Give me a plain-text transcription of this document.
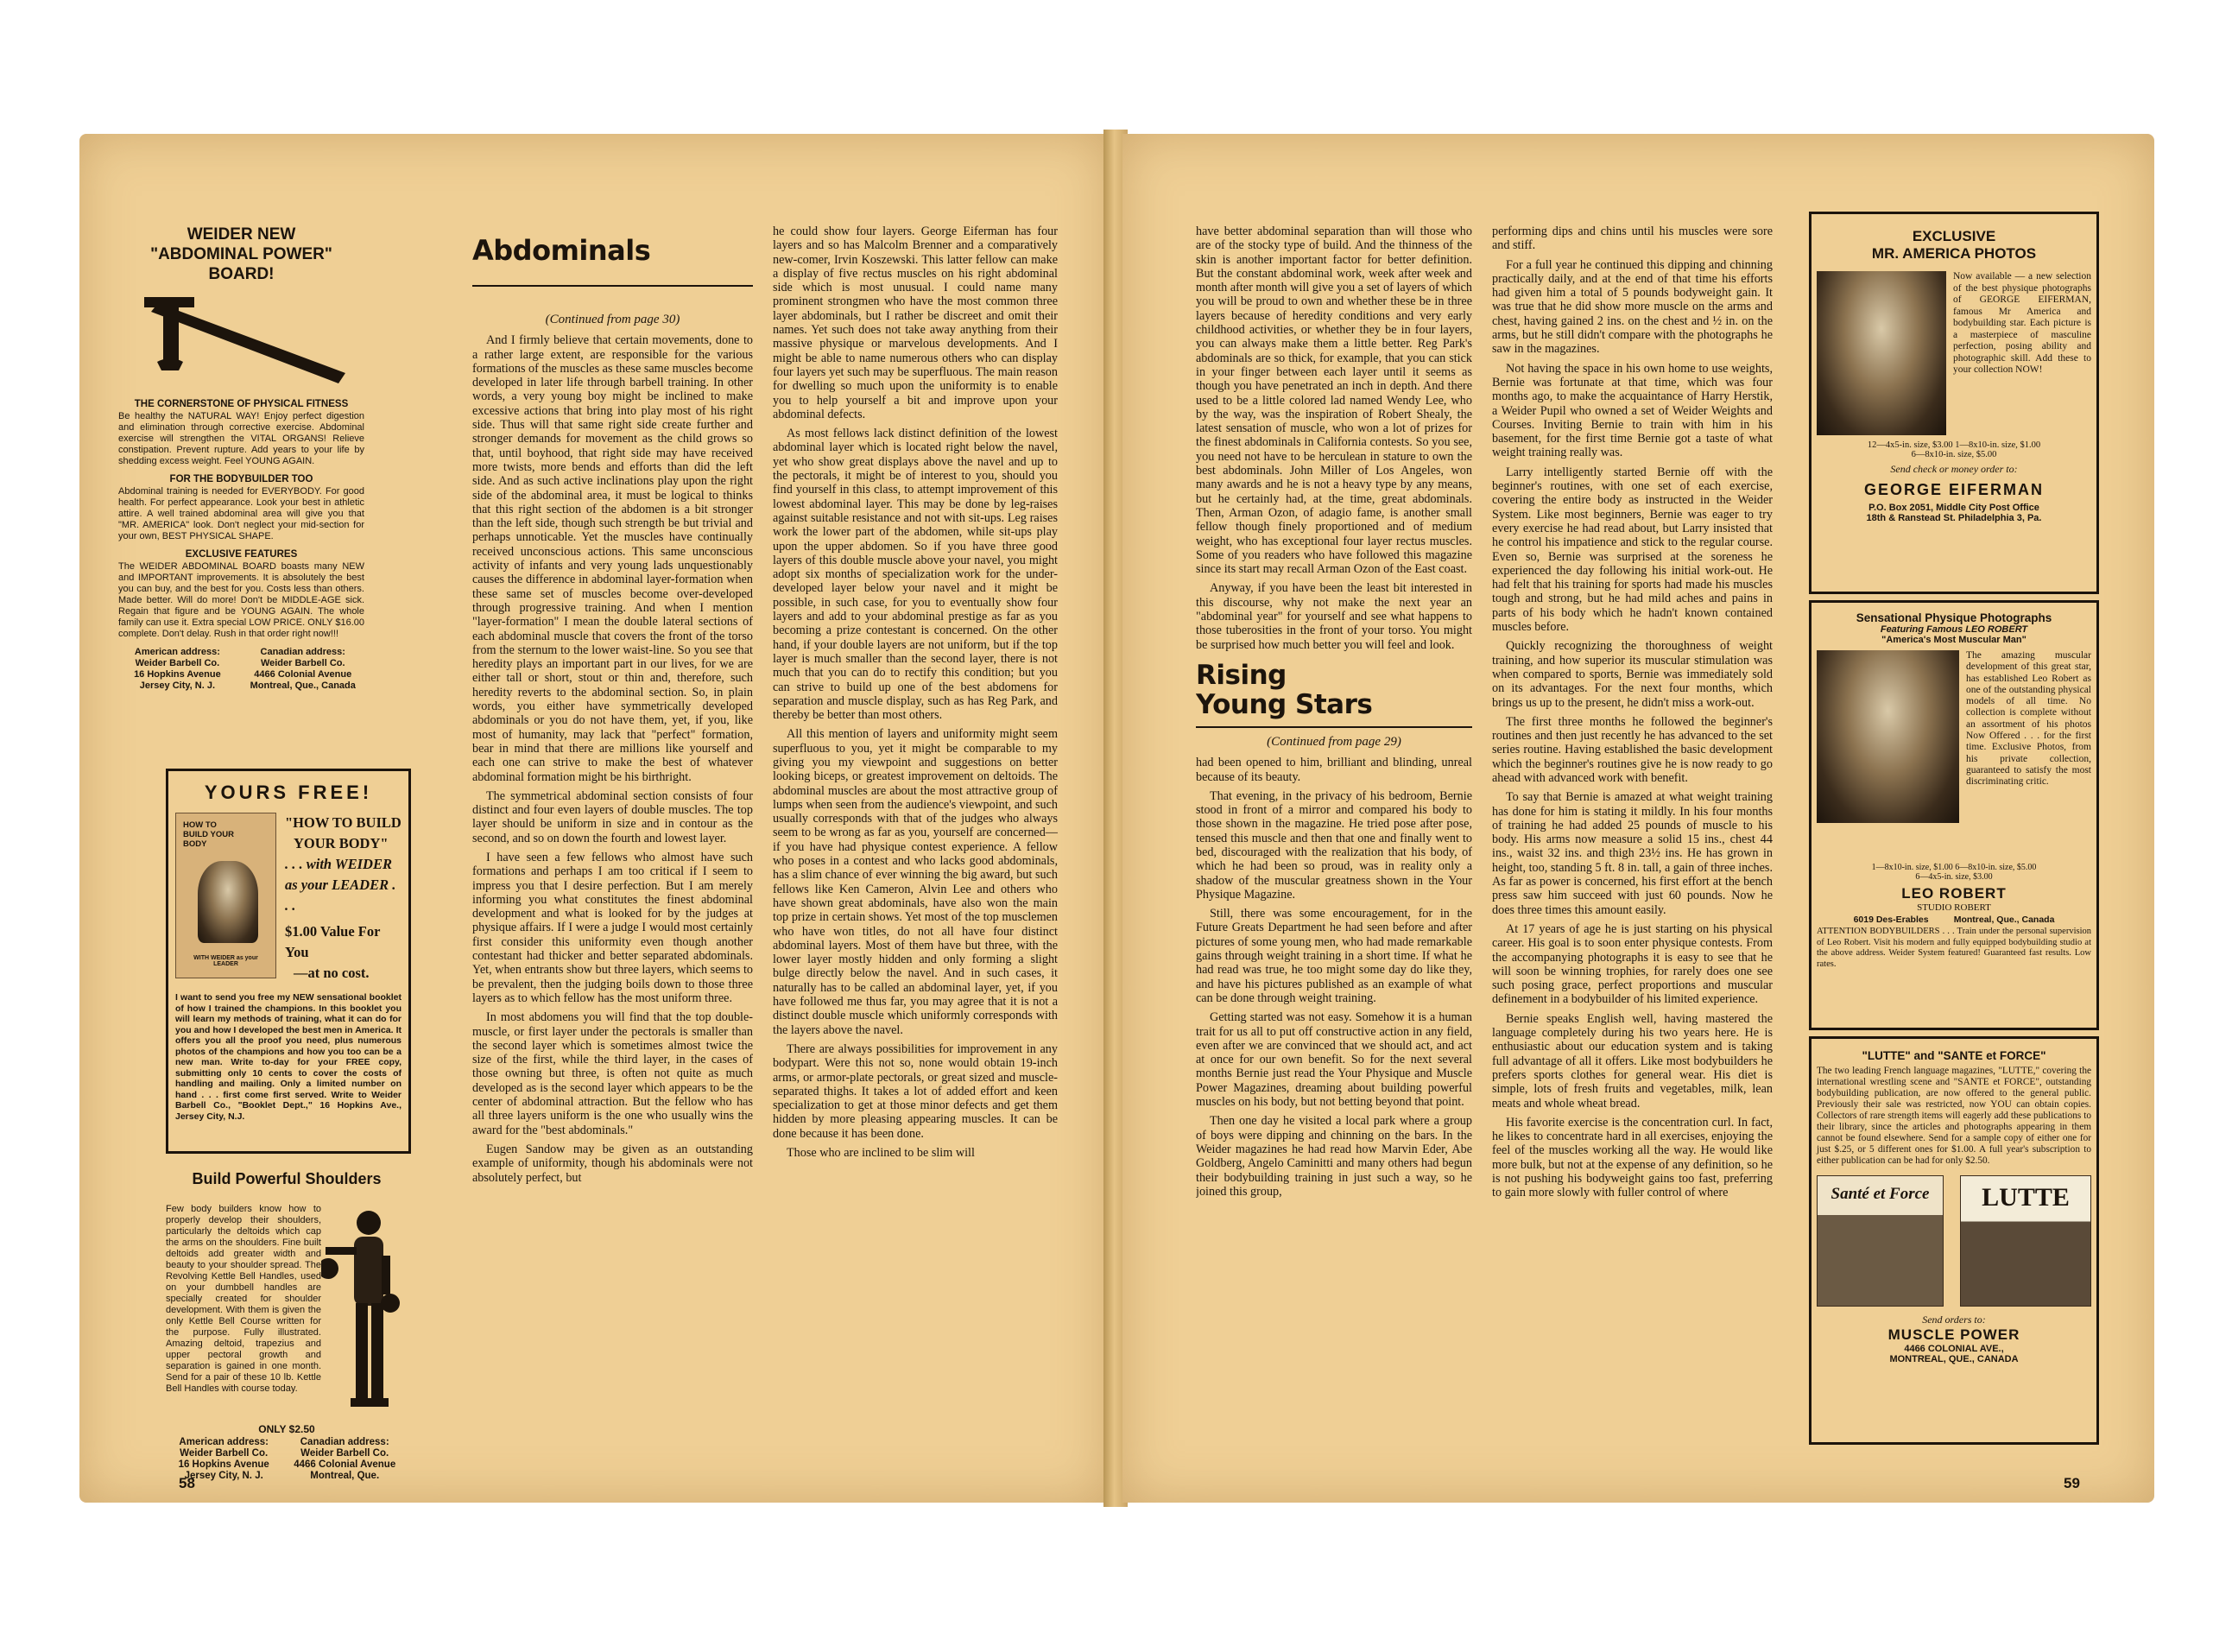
WEIDER NEW "ABDOMINAL POWER" BOARD!
THE CORNERSTONE OF PHYSICAL FITNESS
Be healthy the NATURAL WAY! Enjoy perfect digestion and elimination through corrective exercise. Abdominal exercise will strengthen the VITAL ORGANS! Relieve constipation. Prevent rupture. Add years to your life by shedding excess weight. Feel YOUNG AGAIN.
FOR THE BODYBUILDER TOO
Abdominal training is needed for EVERYBODY. For good health. For perfect appearance. Look your best in athletic attire. A well trained abdominal area will give you that "MR. AMERICA" look. Don't neglect your mid-section for your own, BEST PHYSICAL SHAPE.
EXCLUSIVE FEATURES
The WEIDER ABDOMINAL BOARD boasts many NEW and IMPORTANT improvements. It is absolutely the best you can buy, and the best for you. Costs less than others. Made better. Will do more! Don't be MIDDLE-AGE sick. Regain that figure and be YOUNG AGAIN. The whole family can use it. Extra special LOW PRICE. ONLY $16.00 complete. Don't delay. Rush in that order right now!!!
American address:
Weider Barbell Co.
16 Hopkins Avenue
Jersey City, N. J.
Canadian address:
Weider Barbell Co.
4466 Colonial Avenue
Montreal, Que., Canada
YOURS FREE!
HOW TO BUILD YOUR BODY
WITH WEIDER as your LEADER
"HOW TO BUILD
YOUR BODY"
. . . with WEIDER
as your LEADER . . .
$1.00 Value For You
—at no cost.
I want to send you free my NEW sensational booklet of how I trained the champions. In this booklet you will learn my methods of training, what it can do for you and how I developed the best men in America. It offers you all the proof you need, plus numerous photos of the champions and how you too can be a new man. Write to-day for your FREE copy, submitting only 10 cents to cover the costs of handling and mailing. Only a limited number on hand . . . first come first served. Write to Weider Barbell Co., "Booklet Dept.," 16 Hopkins Ave., Jersey City, N.J.
Build Powerful Shoulders
Few body builders know how to properly develop their shoulders, particularly the deltoids which cap the arms on the shoulders. Fine built deltoids add greater width and beauty to your shoulder spread. The Revolving Kettle Bell Handles, used on your dumbbell handles are specially created for shoulder development. With them is given the only Kettle Bell Course written for the purpose. Fully illustrated. Amazing deltoid, trapezius and upper pectoral growth and separation is gained in one month. Send for a pair of these 10 lb. Kettle Bell Handles with course today.
ONLY $2.50
American address:
Weider Barbell Co.
16 Hopkins Avenue
Jersey City, N. J.
Canadian address:
Weider Barbell Co.
4466 Colonial Avenue
Montreal, Que.
58
Abdominals
(Continued from page 30)

And I firmly believe that certain movements, done to a rather large extent, are responsible for the various formations of the muscles as these same muscles become developed in later life through barbell training. In other words, a very young boy might be inclined to make excessive actions that bring into play most of his right side. Thus will that same right side create further and stronger demands for movement as the child grows so that, until boyhood, that right side may have received more twists, more bends and efforts than did the left side. And as such active inclinations play upon the right side of the abdominal area, it must be logical to thinks that this right section of the abdomen is a bit stronger than the left side, though such strength be but trivial and perhaps unnoticable. Yet the muscles have continually received unconscious actions. This same unconscious activity of infants and very young lads unquestionably causes the difference in abdominal layer-formation when these same set of muscles become over-developed through progressive training. And when I mention "layer-formation" I mean the double lateral sections of each abdominal muscle that covers the front of the torso from the sternum to the lower waist-line. So you see that heredity plays an important part in our lives, for we are either tall or short, stout or thin and, therefore, such heredity reverts to the abdominal section. So, in plain words, you either have symmetrically developed abdominals or you do not have them, yet, if you, like most of humanity, may lack that "perfect" formation, bear in mind that there are millions like yourself and each one can strive to make the best of whatever abdominal formation might be his birthright.

The symmetrical abdominal section consists of four distinct and four even layers of double muscles. The top layer should be uniform in size and in contour as the second, and so on down the fourth and lowest layer.

I have seen a few fellows who almost have such formations and perhaps I am too critical if I seem to impress you that I desire perfection. But I am merely informing you what constitutes the finest abdominal development and what is looked for by the judges at physique affairs. If I were a judge I would most certainly first consider this uniformity even though another contestant had thicker and better separated abdominals. Yet, when entrants show but three layers, which seems to be prevalent, then the judging boils down to those three layers as to which fellow has the most uniform three.

In most abdomens you will find that the top double-muscle, or first layer under the pectorals is smaller than the second layer which is sometimes almost twice the size of the first, while the third layer, in the cases of those owning but three, is often not quite as much developed as is the second layer which appears to be the center of abdominal attraction. But the fellow who has all three layers uniform is the one who usually wins the award for the "best abdominals."

Eugen Sandow may be given as an outstanding example of uniformity, though his abdominals were not absolutely perfect, but

he could show four layers. George Eiferman has four layers and so has Malcolm Brenner and a comparatively new-comer, Irvin Koszewski. This latter fellow can make a display of five rectus muscles on his right abdominal side which is most unusual. I could name many prominent strongmen who have the most common three layer abdominals, but I rather be discreet and omit their names. Yet such does not take away anything from their massive physique or marvelous developments. And I might be able to name numerous others who can display four layers yet such may be superfluous. The main reason for dwelling so much upon the uniformity is to enable you to help yourself a bit and improve upon your abdominal defects.

As most fellows lack distinct definition of the lowest abdominal layer which is located right below the navel, yet who show great displays above the navel and up to the pectorals, it might be of interest to you, should you find yourself in this class, to attempt improvement of this lowest abdominal layer. This may be done by leg-raises against suitable resistance and not with sit-ups. Leg raises work the lower part of the abdomen, while sit-ups play upon the upper abdomen. So if you have three good layers of this double muscle above your navel, you might adopt six months of specialization work for the under-developed layer below your navel and it might be possible, in such case, for you to eventually show four layers and add to your abdominal prestige as far as you becoming a prize contestant is concerned. On the other hand, if your double layers are not uniform, but if the top layer is much smaller than the second layer, there is not much that you can do to rectify this condition; but you can strive to build up one of the best abdomens for separation and muscle display, such as has Reg Park, and thereby be better than most others.

All this mention of layers and uniformity might seem superfluous to you, yet it might be comparable to my giving you my viewpoint and suggestions on better looking biceps, or greatest improvement on deltoids. The abdominal muscles are about the most attractive group of lumps when seen from the audience's viewpoint, and such usually corresponds with that of the judges who always seem to be wrong as far as you, yourself are concerned—if you have had physique contest experience. A fellow who poses in a contest and who lacks good abdominals, has a slim chance of ever winning the big award, but such fellows like Ken Cameron, Alvin Lee and others who have shown great abdominals, have also won the main top prize in certain shows. Yet most of the top musclemen who have won titles, do not all have four distinct abdominal layers. Most of them have but three, with the lower layer mostly hidden and only forming a slight bulge directly below the navel. And in such cases, it naturally has to be called an abdominal layer, yet, if you have followed me thus far, you may agree that it is not a distinct double muscle which uniformly corresponds with the layers above the navel.

There are always possibilities for improvement in any bodypart. Were this not so, none would obtain 19-inch arms, or armor-plate pectorals, or great sized and muscle-separated thighs. It takes a lot of added effort and keen specialization to get at those minor defects and get them hidden by more pleasing appearing muscles. It can be done because it has been done.

Those who are inclined to be slim will

have better abdominal separation than will those who are of the stocky type of build. And the thinness of the skin is another important factor for better definition. But the constant abdominal work, week after week and month after month will give you a set of layers of which you will be proud to own and whether these be in three layers because of heredity conditions and very early childhood activities, or whether they be in four layers, you can always make them a little better. Reg Park's abdominals are so thick, for example, that you can stick in your finger between each layer until it seems as though you have penetrated an inch in depth. And there used to be a little colored lad named Wendy Lee, who by the way, was the inspiration of Robert Shealy, the latest sensation of muscle, who won a lot of prizes for the finest abdominals in California contests. So you see, you need not have to be herculean in stature to own the best abdominals. John Miller of Los Angeles, won many awards and he is not a heavy type by any means, but he certainly had, at the time, great abdominals. Then, Arman Ozon, of adagio fame, is another small fellow though finely proportioned and of medium weight, who has exceptional four layer rectus muscles. Some of you readers who have followed this magazine since its start may recall Arman Ozon of the East coast.

Anyway, if you have been the least bit interested in this discourse, why not make the next year an "abdominal year" for yourself and see what happens to those tuberosities in the front of your torso. You might be surprised how much better you will feel and look.

Rising
Young Stars
(Continued from page 29)

had been opened to him, brilliant and blinding, unreal because of its beauty.

That evening, in the privacy of his bedroom, Bernie stood in front of a mirror and compared his body to those shown in the magazine. He tried pose after pose, tensed this muscle and then that one and finally went to bed, discouraged with the realization that his body, of which he had been so proud, was in reality only a shadow of the muscular greatness shown in the Your Physique Magazine.

Still, there was some encouragement, for in the Future Greats Department he had seen before and after pictures of some young men, who had made remarkable gains through weight training in a short time. If what he had read was true, he too might some day do like they, and have his pictures published as an example of what can be done through weight training.

Getting started was not easy. Somehow it is a human trait for us all to put off constructive action in any field, even after we are convinced that we should act, and act at once for our own benefit. So for the next several months Bernie just read the Your Physique and Muscle Power Magazines, dreaming about building powerful muscles on his body, but not betting beyond that point.

Then one day he visited a local park where a group of boys were dipping and chinning on the bars. In the Weider magazines he had read how Marvin Eder, Abe Goldberg, Angelo Caminitti and many others had begun their bodybuilding training in just such a way, so he joined this group,

performing dips and chins until his muscles were sore and stiff.

For a full year he continued this dipping and chinning practically daily, and at the end of that time his efforts had given him a total of 5 pounds bodyweight gain. It was true that he did show more muscle on the arms and chest, having gained 2 ins. on the chest and ½ in. on the arms, but he still didn't compare with the photographs he saw in the magazines.

Not having the space in his own home to use weights, Bernie was fortunate at that time, which was four months ago, to make the acquaintance of Harry Herstik, a Weider Pupil who owned a set of Weider Weights and Courses. Inviting Bernie to train with him in his basement, for the first time Bernie got a taste of what weight training really was.

Larry intelligently started Bernie off with the beginner's routines, with one set of each exercise, covering the entire body as instructed in the Weider System. Like most beginners, Bernie was eager to try every exercise he had read about, but Larry insisted that he control his impatience and stick to the regular course. Even so, Bernie was surprised at the soreness he experienced the day following his initial work-out. He had felt that his training for sports had made his muscles tough and strong, but he had mild aches and pains in parts of his body which he hadn't known contained muscles before.

Quickly recognizing the thoroughness of weight training, and how superior its muscular stimulation was when compared to sports, Bernie was immediately sold on its advantages. For the next four months, which brings us up to the present, he didn't miss a work-out.

The first three months he followed the beginner's routines and then just recently he has advanced to the set series routine. Having established the basic development which the beginner's routines give he is now ready to go ahead with advanced work with benefit.

To say that Bernie is amazed at what weight training has done for him is stating it mildly. In his four months of training he had added 25 pounds of muscle to his body. His arms now measure a solid 15 ins., chest 44 ins., waist 32 ins. and thigh 23½ ins. He has grown in height, too, standing 5 ft. 8 in. tall, a gain of three inches. As far as power is concerned, his first effort at the bench press saw him succeed with just 60 pounds. Now he does three times this amount easily.

At 17 years of age he is just starting on his physical career. His goal is to soon enter physique contests. From the accompanying photographs it is easy to see that he will soon be winning trophies, for rarely does one see such posing grace, perfect proportions and muscular definement in a bodybuilder of his limited experience.

Bernie speaks English well, having mastered the language completely during his two years here. He is enthusiastic about our education system and is taking full advantage of all it offers. Like most bodybuilders he prefers sports clothes for general wear. His diet is simple, lots of fresh fruits and vegetables, milk, lean meats and whole wheat bread.

His favorite exercise is the concentration curl. In fact, he likes to concentrate hard in all exercises, enjoying the feel of the muscles working all the way. He would like more bulk, but not at the expense of any definition, so he is not pushing his bodyweight gains too fast, preferring to gain more slowly with fuller control of where

EXCLUSIVE
MR. AMERICA PHOTOS
Now available — a new selection of the best physique photographs of GEORGE EIFERMAN, famous Mr America and bodybuilding star. Each picture is a masterpiece of masculine perfection, posing ability and photographic skill. Add these to your collection NOW!
12—4x5-in. size, $3.00 1—8x10-in. size, $1.00
6—8x10-in. size, $5.00
Send check or money order to:
GEORGE EIFERMAN
P.O. Box 2051, Middle City Post Office
18th & Ranstead St. Philadelphia 3, Pa.
Sensational Physique Photographs
Featuring Famous LEO ROBERT
"America's Most Muscular Man"
The amazing muscular development of this great star, has established Leo Robert as one of the outstanding physical models of all time. No collection is complete without an assortment of his photos Now Offered . . . for the first time. Exclusive Photos, from his private collection, guaranteed to satisfy the most discriminating critic.
1—8x10-in. size, $1.00 6—8x10-in. size, $5.00
6—4x5-in. size, $3.00
LEO ROBERT
STUDIO ROBERT
6019 Des-Erables          Montreal, Que., Canada
ATTENTION BODYBUILDERS . . . Train under the personal supervision of Leo Robert. Visit his modern and fully equipped bodybuilding studio at the above address. Weider System featured! Guaranteed fast results. Low rates.
"LUTTE" and "SANTE et FORCE"
The two leading French language magazines, "LUTTE," covering the international wrestling scene and "SANTE et FORCE", outstanding bodybuilding publication, are now offered to the general public. Previously their sale was restricted, now YOU can obtain copies. Collectors of rare strength items will eagerly add these publications to their library, since the articles and photographs appearing in them cannot be found elsewhere. Send for a sample copy of either one for just $.25, or 5 different ones for $1.00. A full year's subscription to either publication can be had for only $2.50.
Santé et Force	LUTTE
Send orders to:
MUSCLE POWER
4466 COLONIAL AVE.,
MONTREAL, QUE., CANADA
59
